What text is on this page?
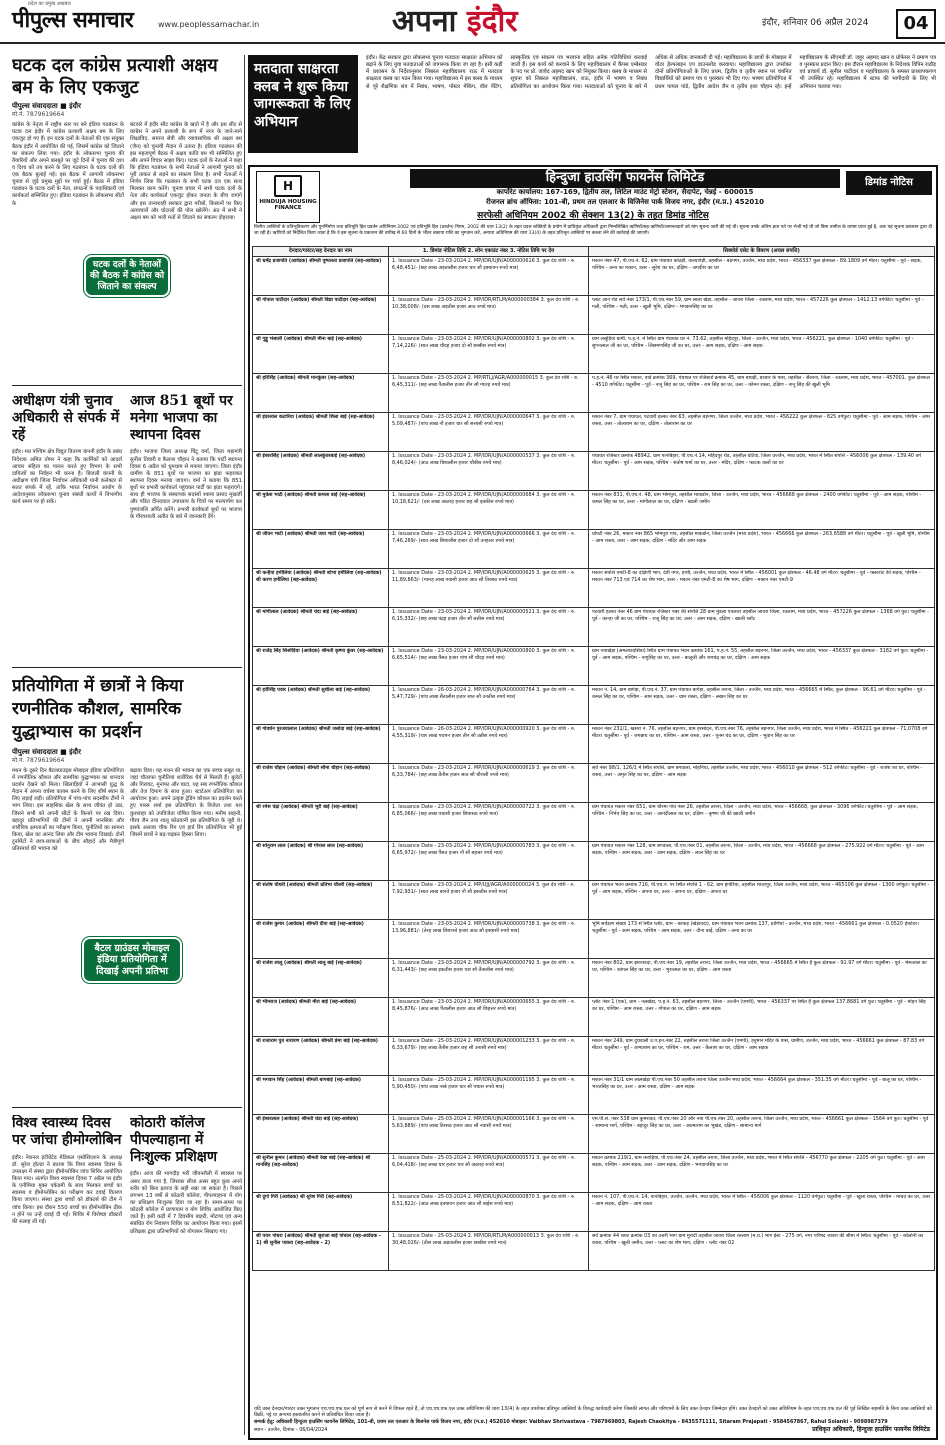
प्रदेश का प्रमुख अखबार
पीपुल्स समाचार	www.peoplessamachar.in	अपना इंदौर	इंदौर, शनिवार 06 अप्रैल 2024	04
घटक दल कांग्रेस प्रत्याशी अक्षय बम के लिए एकजुट
पीपुल्स संवाददाता ■ इंदौर
मो.नं. 7879619664
कांग्रेस के नेतृत्व में राष्ट्रीय स्तर पर बने इंडिया गठबंधन के घटक दल इंदौर में कांग्रेस प्रत्याशी अक्षय बम के लिए एकजुट हो गए हैं। इन घटक दलों के नेताओं की एक संयुक्त बैठक इंदौर में आयोजित की गई, जिसमें कांग्रेस को जिताने का संकल्प लिया गया। इंदौर के लोकसभा चुनाव की तैयारियों और अपने बलबूते पर जुटे दिनों में चुनाव की दशा व दिशा को तय करने के लिए गठबंधन के घटक दलों की एक बैठक बुलाई गई। इस बैठक में आगामी लोकसभा चुनाव से जुड़े प्रमुख मुद्दों पर चर्चा हुई। बैठक में इंडिया गठबंधन के घटक दलों के नेता, संगठनों के पदाधिकारी एवं कार्यकर्ता सम्मिलित हुए। इंडिया गठबंधन के लोकसभा सीटों के
बंटवारे में इंदौर सीट कांग्रेस के खाते में है और इस सीट से कांग्रेस ने अपने प्रत्याशी के रूप में नगर के जाने-माने शिक्षाविद, समाज सेवी और व्यावसायिक श्री अक्षय बम (जैन) को चुनावी मैदान में उतारा है। इंडिया गठबंधन की इस महत्वपूर्ण बैठक में अक्षय कांति बम भी सम्मिलित हुए और अपने विचार साझा किए। घटक दलों के नेताओं ने कहा कि इंडिया गठबंधन के सभी नेताओं ने आगामी चुनाव को पूरी ताकत से लड़ने का संकल्प लिया है। सभी नेताओं ने निर्णय लिया कि गठबंधन के सभी घटक दल एक साथ मिलकर काम करेंगे। चुनाव प्रचार में सभी घटक दलों के नेता और कार्यकर्ता एकजुट होकर जनता के बीच जाएंगे और इस तानाशाही सरकार द्वारा गरीबों, किसानों पर किए अत्याचारों और घोटालों की पोल खोलेंगे। अंत में सभी ने अक्षय बम को भारी मतों से जिताने का संकल्प दोहराया।
घटक दलों के नेताओं की बैठक में कांग्रेस को जिताने का संकल्प
अधीक्षण यंत्री चुनाव अधिकारी से संपर्क में रहें
इंदौर। मप्र पश्चिम क्षेत्र विद्युत वितरण कंपनी इंदौर के प्रबंध निदेशक अमित तोमर ने कहा कि कार्मिकों को आदर्श आचार संहिता का पालन करते हुए विभाग के सभी दायित्वों का निर्वहन भी करना है। बिजली कंपनी के अधीक्षण यंत्री जिला निर्वाचन अधिकारी यानी कलेक्टर से सतत संपर्क में रहें, ताकि भारत निर्वाचन आयोग के आदेशानुसार लोकसभा चुनाव संबंधी कार्यों में विभागीय कार्य समय पर हो सकें।
आज 851 बूथों पर मनेगा भाजपा का स्थापना दिवस
इंदौर। भाजपा जिला अध्यक्ष चिंटू वर्मा, जिला महामंत्री सुनील तिवारी व कैलाश चौहान ने बताया कि पार्टी स्थापना दिवस 6 अप्रैल को धूमधाम से मनाया जाएगा। जिला इंदौर ग्रामीण के 851 बूथों पर भाजपा का झंडा फहराकर स्थापना दिवस मनाया जाएगा। वर्मा ने बताया कि 851 बूथों पर प्रभारी कार्यकर्ता पहुंचकर पार्टी का झंडा फहराएंगे। साथ ही भाजपा के संस्थापक सदस्यों श्यामा प्रसाद मुखर्जी और पंडित दीनदयाल उपाध्याय के चित्रों पर माल्यार्पण कर पुष्पांजलि अर्पित करेंगे। प्रभारी कार्यकर्ता बूथों पर भाजपा के गौरवशाली अतीत के बारे में जानकारी देंगे।
प्रतियोगिता में छात्रों ने किया रणनीतिक कौशल, सामरिक युद्धाभ्यास का प्रदर्शन
पीपुल्स संवाददाता ■ इंदौर
मो.नं. 7879619664
मंथन के दूसरे दिन बैटलग्राउंड्स मोबाइल इंडिया प्रतियोगिता में रणनीतिक कौशल और सामरिक युद्धाभ्यास का शानदार प्रदर्शन देखने को मिला। खिलाड़ियों ने आभासी युद्ध के मैदान में अपना वर्चस्व कायम करने के लिए शीर्ष स्थान के लिए लड़ाई लड़ी। प्रतियोगिता में पांच-पांच सदस्यीय टीमों ने भाग लिया। इस साहसिक खेल के साथ जीवंत हो उठा, जिसने सभी को अपनी सीटों के किनारे पर रख दिया। बहादुर प्रतिभागियों की टीमों ने अपनी मानसिक और शारीरिक क्षमताओं का परीक्षण किया, चुनौतियों का सामना किया, खेल का आनंद लिया और टीम भावना दिखाई। दोनों टूर्नामेंटों ने छात्र-छात्राओं के बीच सौहार्द और मैत्रीपूर्ण प्रतिस्पर्धा की भावना को
बढ़ावा दिया। यह मंथन की भावना का एक सच्चा सबूत था, जहां चौतरफा चुनौतियां शारीरिक धैर्य से मिलती हैं। बुलेटों और गिरावट, मुनाफा और घाटा, यह सब रणनीतिक कौशल और तेज दिमाग के साथ हुआ। स्टार्टअप प्रतियोगिता का आयोजन हुआ। अपने उत्कृष्ट ट्रेडिंग कौशल का प्रदर्शन करते हुए पारस शर्मा इस प्रतियोगिता के विजेता तथा यश कुशवाहा को उपविजेता घोषित किया गया। मनीष साहनी, गौरव जैन तथा शालू कोठवानी इस प्रतियोगिता के जूरी थे। इसके अलावा चौक रिंग एवं हार्ड रिंग प्रतियोगिता भी हुई जिसमें छात्रों ने बढ़-चढ़कर हिस्सा लिया।
बैटल ग्राउंडस मोबाइल इंडिया प्रतियोगिता में दिखाई अपनी प्रतिभा
विश्व स्वास्थ्य दिवस पर जांचा हीमोग्लोबिन
इंदौर। नेशनल इंटीग्रेटेड मेडिकल एसोसिएशन के अध्यक्ष डॉ. सुरेश होल्डा ने बताया कि विश्व स्वास्थ्य दिवस के उपलक्ष्य में संस्था द्वारा हीमोग्लोबिन जांच शिविर आयोजित किया गया। अंतर्गत विश्व स्वास्थ्य दिवस 7 अप्रैल पर इंदौर के एनीमिया मुक्त एकेडमी के साथ मिलकर बच्चों का स्वास्थ्य व हीमोग्लोबिन का परीक्षण कर दवाई वितरण किया जाएगा। संस्था द्वारा बच्चों को डॉक्टर्स की टीम ने जांच किया। इस दौरान 550 बच्चों का हीमोग्लोबिन ठीक न होने पर उन्हें दवाई दी गई। शिविर में विशेषज्ञ डॉक्टरों की सलाह ली गई।
कोठारी कॉलेज पीपल्याहाना में निःशुल्क प्रशिक्षण
इंदौर। आज की भागदौड़ भरी जीवनशैली में स्वास्थ्य पर असर डाला गया है, जिसका सीधा असर बहुत कुछ अपने शरीर को बिना इलाज के सही रखा जा सकता है। पिछले लगभग 13 वर्षों से कोठारी कॉलेज, पीपल्याहाना में योग का प्रशिक्षण निःशुल्क दिया जा रहा है। समय-समय पर कोठारी कॉलेज में प्राणायाम व योग शिविर आयोजित किए जाते हैं। इसी कड़ी में 7 दिवसीय बाहरी, मोटापा एवं अन्य संबंधित रोग निवारण शिविर का आयोजन किया गया। इसमें प्रशिक्षक द्वारा प्रतिभागियों को योगासन सिखाए गए।
मतदाता साक्षरता क्लब ने शुरू किया जागरूकता के लिए अभियान
इंदौर। केंद्र सरकार द्वारा लोकसभा चुनाव मतदाता साक्षरता अभियान को बढ़ाने के लिए युवा मतदाताओं को जागरूक किया जा रहा है। इसी कड़ी में प्रशासन के निर्देशानुसार लिबरल महाविद्यालय राऊ में मतदाता साक्षरता क्लब का गठन किया गया। महाविद्यालय में इस क्लब के माध्यम से पूरे शैक्षणिक सत्र में निबंध, भाषण, पोस्टर मेकिंग, वॉल पेंटिंग, सांस्कृतिक एवं संकल्प पत्र भरवाना सहित अनेक गतिविधियां करवाई जाती हैं। इस कार्य को करवाने के लिए महाविद्यालय में कैंपस एम्बेसडर के पद पर प्रो. जावेद अहमद खान को नियुक्त किया। क्लब के माध्यम से सूचना को लिबरल महाविद्यालय, राऊ, इंदौर में भाषण व निबंध प्रतियोगिता का आयोजन किया गया। मतदाताओं को चुनाव के बारे में अधिक से अधिक जानकारी दी गई। महाविद्यालय के छात्रों के मोबाइल में वोटर हेल्पलाइन एप डाउनलोड करवाया। महाविद्यालय द्वारा उपरोक्त दोनों प्रतियोगिताओं के लिए प्रथम, द्वितीय व तृतीय स्थान पर चयनित विद्यार्थियों को प्रमाण पत्र व पुरस्कार भी दिए गए। भाषण प्रतियोगिता में प्रथम पायल पांडे, द्वितीय आदेश जैन व तृतीय इशा चौहान रहे। इन्हें महाविद्यालय के सीएमडी डॉ. जहूर अहमद खान व प्रोफेसर ने प्रमाण पत्र व पुरस्कार प्रदान किए। इस दौरान महाविद्यालय के निदेशक विपिन राठौड़ एवं प्राचार्य डॉ. सुनील पाटीदार व महाविद्यालय के समस्त प्राध्यापकगण भी उपस्थित रहे। महाविद्यालय में स्टाफ की भागीदारी के लिए भी अभियान चलाया गया।
H
HINDUJA HOUSING FINANCE
हिन्दुजा हाउसिंग फायनेंस लिमिटेड
कार्पोरेट कार्यालय: 167-169, द्वितीय तल, लिटिल माउंट मेट्रो स्टेशन, सैदापेट, चेन्नई - 600015
रीजनल ब्रांच ऑफिस: 101-बी, प्रथम तल एलआर के विजिनेस पार्क विजय नगर, इंदौर (म.प्र.) 452010
डिमांड नोटिस
सरफेसी अधिनियम 2002 की सेक्शन 13(2) के तहत डिमांड नोटिस
वित्तीय आस्तियों के प्रतिभूतिकरण और पुनर्निर्माण तथा प्रतिभूति हित प्रवर्तन अधिनियम 2002 एवं प्रतिभूति हित (प्रवर्तन) नियम, 2002 की धारा 13(2) के तहत प्रदत्त शक्तियों के प्रयोग में प्राधिकृत अधिकारी द्वारा निम्नलिखित ऋणियों/सह-ऋणियों/जमानतदारों को मांग सूचना जारी की गई थी। सूचना उनके अंतिम ज्ञात पते पर भेजी गई थी जो बिना तामील के वापस प्राप्त हुई है, अतः यह सूचना प्रकाशन द्वारा दी जा रही है। ऋणियों को निर्देशित किया जाता है कि वे इस सूचना के प्रकाशन की तारीख से 60 दिनों के भीतर बकाया राशि का भुगतान करें, अन्यथा अधिनियम की धारा 13(4) के तहत प्रतिभूत आस्तियों पर कब्जा लेने की कार्रवाई की जाएगी।
देनदार/गारंटर/सह देनदार का नाम	1. डिमांड नोटिस तिथि 2. लोन एकाउंट नंबर 3. नोटिस तिथि पर देय	सिक्योर्ड एसेट के विवरण (अचल संपत्ति)

श्री धर्मेंद्र प्रजापति (आवेदक) श्रीमती पुष्पलता प्रजापति (सह-आवेदक)	1. Issuance Date - 23-03-2024 2. MP/IDR/UJN/A000000616 3. कुल देय राशि - रु. 6,48,451/- (छह लाख अड़तालीस हजार चार सौ इक्यावन रुपये मात्र)	मकान नंबर 47, पी.एच.नं. 62, ग्राम पंचायत कोठड़ी, वाल्यापेड़ी, तहसील - बड़नगर, उज्जैन, मध्य प्रदेश, भारत - 456337 कुल क्षेत्रफल - 89.1809 वर्ग मीटर। चतुर्सीमा - पूर्व - सड़क, पश्चिम - अन्य का मकान, उत्तर - सुरेश का घर, दक्षिण - जगदीश का घर

श्री गोपाल पाटीदार (आवेदक) श्रीमती विद्या पाटीदार (सह-आवेदक)	1. Issuance Date - 23-03-2024 2. MP/IDR/RTLM/A000000384 3. कुल देय राशि - रु. 10,38,008/- (दस लाख अड़तीस हजार आठ रुपये मात्र)	प्लाट आन रोड सर्वे नंबर 173/1, पी.एच.नंबर 59, ग्राम लाला खेड़ा, तहसील - जावरा जिला - रतलाम, मध्य प्रदेश, भारत - 457226 कुल क्षेत्रफल - 1412.13 वर्गफीट। चतुर्सीमा - पूर्व - गली, पश्चिम - गली, उत्तर - खुली भूमि, दक्षिण - भगवानसिंह का घर

श्री गुड्डू भंसाली (आवेदक) श्रीमती मीना बाई (सह-आवेदक)	1. Issuance Date - 23-03-2024 2. MP/IDR/UJN/A000000802 3. कुल देय राशि - रु. 7,14,226/- (सात लाख चौदह हजार दो सौ छब्बीस रुपये मात्र)	ग्राम लसूड़िया ग्रामी, प.ह.नं. में स्थित ग्राम पंचायत घर नं. 73.62, तहसील महिदपुर, जिला - उज्जैन, मध्य प्रदेश, भारत - 456221, कुल क्षेत्रफल - 1040 वर्गफीट। चतुर्सीमा - पूर्व - सुगनलाल जी का घर, पश्चिम - लिछमणसिंह जी का घर, उत्तर - आम सड़क, दक्षिण - आम सड़क

श्री हरिसिंह (आवेदक) श्रीमती मानकुंवर (सह-आवेदक)	1. Issuance Date - 23-03-2024 2. MP/RTLJ/AGR/A000000015 3. कुल देय राशि - रु. 6,45,311/- (छह लाख पैंतालीस हजार तीन सौ ग्यारह रुपये मात्र)	प.ह.नं. 46 पर स्थित मकान, वार्ड क्रमांक 369, पंचायत पर रजिस्टर्ड क्रमांक 45, ग्राम बायड़ी, बाजार के पास, तहसील - सैलाना, जिला - रतलाम, मध्य प्रदेश, भारत - 457001, कुल क्षेत्रफल - 4510 वर्गफीट। चतुर्सीमा - पूर्व - नानू सिंह का घर, पश्चिम - राम सिंह का घर, उत्तर - कॉमन रास्ता, दक्षिण - नानू सिंह की खुली भूमि

श्री इंदरलाल कटारिया (आवेदक) श्रीमती शिला बाई (सह-आवेदक)	1. Issuance Date - 23-03-2024 2. MP/IDR/UJN/A000000647 3. कुल देय राशि - रु. 5,09,487/- (पांच लाख नौ हजार चार सौ सत्तासी रुपये मात्र)	मकान नंबर 7, ग्राम पंचायत, पटवारी हल्का नंबर 63, तहसील बड़नगर, जिला उज्जैन, मध्य प्रदेश, भारत - 456222 कुल क्षेत्रफल - 825 वर्गफुट। चतुर्सीमा - पूर्व - आम सड़क, पश्चिम - आम रास्ता, उत्तर - तोलाराम का घर, दक्षिण - तोलाराम का घर

श्री ईश्वरसिंह (आवेदक) श्रीमती लालकुंवरबाई (सह-आवेदक)	1. Issuance Date - 23-03-2024 2. MP/IDR/UJN/A000000537 3. कुल देय राशि - रु. 8,46,024/- (आठ लाख छियालीस हजार चौबीस रुपये मात्र)	पंचायत रजिस्टर क्रमांक 48942, ग्राम पानबिहार, पी.एच.नं.14, महिदपुर रोड, तहसील घटिया, जिला उज्जैन, मध्य प्रदेश, भारत में स्थित संपत्ति - 456006 कुल क्षेत्रफल - 139.40 वर्ग मीटर। चतुर्सीमा - पूर्व - आम सड़क, पश्चिम - संतोष शर्मा का घर, उत्तर - मंदिर, दक्षिण - फाटक वालों का घर

श्री मुकेश भाटी (आवेदक) श्रीमती कमला बाई (सह-आवेदक)	1. Issuance Date - 23-03-2024 2. MP/IDR/UJN/A000000684 3. कुल देय राशि - रु. 10,18,621/- (दस लाख अठारह हजार छह सौ इक्कीस रुपये मात्र)	मकान नंबर 831, पी.एच.नं. 48, ग्राम भोमपुरा, तहसील माकडोन, जिला - उज्जैन, मध्य प्रदेश, भारत - 456668 कुल क्षेत्रफल - 2400 वर्गफीट। चतुर्सीमा - पूर्व - आम सड़क, पश्चिम - कमल सिंह का घर, उत्तर - मांगीलाल का घर, दक्षिण - खाली जमीन

श्री जीवन भाटी (आवेदक) श्रीमती जया भाटी (सह-आवेदक)	1. Issuance Date - 23-03-2024 2. MP/IDR/UJN/A000000666 3. कुल देय राशि - रु. 7,46,269/- (सात लाख छियालीस हजार दो सौ उनहत्तर रुपये मात्र)	प्रोपर्टी नंबर 26, मकान नंबर 865 भोमपुरा गांव, तहसील माकडोन, जिला उज्जैन (मध्य प्रदेश), भारत - 456666 कुल क्षेत्रफल - 263.6588 वर्ग मीटर। चतुर्सीमा - पूर्व - खुली भूमि, पश्चिम - आम रास्ता, उत्तर - आम सड़क, दक्षिण - मंदिर और आम सड़क

श्री कन्हैया हमीलिया (आवेदक) श्रीमती शोभा हमीलिया (सह-आवेदक) श्री करण हमीलिया (सह-आवेदक)	1. Issuance Date - 23-03-2024 2. MP/IDR/UJN/A000000625 3. कुल देय राशि - रु. 11,89,863/- (ग्यारह लाख नवासी हजार आठ सौ तिरसठ रुपये मात्र)	मकान संपत्ति एमटी-8 का दक्षिणी भाग, देवी नगर, हाथी, उज्जैन, मध्य प्रदेश, भारत में स्थित - 456001 कुल क्षेत्रफल - 46.48 वर्ग मीटर। चतुर्सीमा - पूर्व - फ्लटरांट की सड़क, पश्चिम - मकान नंबर 713 एवं 714 का शेष भाग, उत्तर - मकान नंबर एमटी-8 का शेष भाग, दक्षिण - मकान नंबर एमटी-9

श्री मांगीलाल (आवेदक) श्रीमती चंदा बाई (सह-आवेदक)	1. Issuance Date - 23-03-2024 2. MP/IDR/UJN/A000000521 3. कुल देय राशि - रु. 6,15,332/- (छह लाख पंद्रह हजार तीन सौ बत्तीस रुपये मात्र)	पटवारी हल्का नंबर 46 ग्राम पंचायत रजिस्टर नंबर की संपत्ति 28 ग्राम मुंडला एवलारा तहसील जावरा जिला, रतलाम, मध्य प्रदेश, भारत - 457226 कुल क्षेत्रफल - 1368 वर्ग फुट। चतुर्सीमा - पूर्व - कान्हा जी का घर, पश्चिम - राजू सिंह का घर, उत्तर - आम सड़क, दक्षिण - खाली प्लॉट

श्री राजेंद्र सिंह सिसोदिया (आवेदक) श्रीमती कृष्णा कुंवर (सह-आवेदक)	1. Issuance Date - 23-03-2024 2. MP/IDR/UJN/A000000800 3. कुल देय राशि - रु. 6,65,514/- (छह लाख पैंसठ हजार पांच सौ चौदह रुपये मात्र)	ग्राम नयाखेड़ा (अमलावदसिवा) स्थित ग्राम पंचायत भवन क्रमांक 161, प.ह.नं. 55, तहसील बड़नगर, जिला उज्जैन, मध्य प्रदेश, भारत - 456337 कुल क्षेत्रफल - 3182 वर्ग फुट। चतुर्सीमा - पूर्व - आम सड़क, पश्चिम - नागुसिंह का घर, उत्तर - बालूजी और रामचंद्र का घर, दक्षिण - आम सड़क

श्री हरीसिंह पवार (आवेदक) श्रीमती सुशीला बाई (सह-आवेदक)	1. Issuance Date - 26-03-2024 2. MP/IDR/UJN/A000000764 3. कुल देय राशि - रु. 5,47,729/- (पांच लाख सैंतालीस हजार सात सौ उनतीस रुपये मात्र)	मकान नं. 14, ग्राम बागेड़ा, पी.एच.नं. 37, ग्राम पंचायत बागेड़ा, तहसील तराना, जिला - उज्जैन, मध्य प्रदेश, भारत - 456665 में स्थित, कुल क्षेत्रफल - 96.61 वर्ग मीटर। चतुर्सीमा - पूर्व - कमल सिंह का घर, पश्चिम - आम सड़क, उत्तर - ग्राम रास्ता, दक्षिण - लखन सिंह का घर

श्री गोवर्धन पुरजवालाल (आवेदक) श्रीमती जसोदा बाई (सह-आवेदक)	1. Issuance Date - 26-03-2024 2. MP/IDR/UJN/A000000920 3. कुल देय राशि - रु. 4,55,319/- (चार लाख पचपन हजार तीन सौ उन्नीस रुपये मात्र)	मकान नंबर 231/1, खसरा नं. 76, तहसील बड़नगर, ग्राम हरसोदन, पी.एच.नंबर 76, तहसील बड़नगर, जिला उज्जैन, मध्य प्रदेश, भारत में स्थित - 456221 कुल क्षेत्रफल - 71.0708 वर्ग मीटर। चतुर्सीमा - पूर्व - जगन्नाथ का घर, पश्चिम - आम रास्ता, उत्तर - पूनम चंद का घर, दक्षिण - भुवान सिंह का घर

श्री राजेश चौहान (आवेदक) श्रीमती सीमा चौहान (सह-आवेदक)	1. Issuance Date - 23-03-2024 2. MP/IDR/UJN/A000000619 3. कुल देय राशि - रु. 6,33,784/- (छह लाख तैंतीस हजार सात सौ चौरासी रुपये मात्र)	सर्वे नंबर 98/1, 126/1 में स्थित संपत्ति, ग्राम बगवाला, मोहनिया, तहसील उज्जैन, मध्य प्रदेश, भारत - 456010 कुल क्षेत्रफल - 512 वर्गफीट। चतुर्सीमा - पूर्व - राजेश का घर, पश्चिम - रास्ता, उत्तर - अमृत सिंह का घर, दक्षिण - आम सड़क

श्री रमेश चंद्रा (आवेदक) श्रीमती भूरी बाई (सह-आवेदक)	1. Issuance Date - 23-03-2024 2. MP/IDR/UJN/A000000722 3. कुल देय राशि - रु. 6,85,066/- (छह लाख पचासी हजार छियासठ रुपये मात्र)	ग्राम पंचायत मकान नंबर 651, ग्राम चौरमा गांव नंबर 26, तहसील तराना, जिला - उज्जैन, मध्य प्रदेश, भारत - 456668, कुल क्षेत्रफल - 3096 वर्गफीट। चतुर्सीमा - पूर्व - आम सड़क, पश्चिम - निर्भय सिंह का घर, उत्तर - आनंदीलाल का घर, दक्षिण - कृष्णा जी की खाली जमीन

श्री सोनुराम लाल (आवेदक) श्री गोपाल लाल (सह-आवेदक)	1. Issuance Date - 23-03-2024 2. MP/IDR/UJN/A000000783 3. कुल देय राशि - रु. 6,65,972/- (छह लाख पैंसठ हजार नौ सौ बहत्तर रुपये मात्र)	ग्राम पंचायत मकान नंबर 128, ग्राम बगवाला, पी.एच.नंबर 01, तहसील तराना, जिला - उज्जैन, मध्य प्रदेश, भारत - 456668 कुल क्षेत्रफल - 275.922 वर्ग मीटर। चतुर्सीमा - पूर्व - आम सड़क, पश्चिम - आम सड़क, उत्तर - आम सड़क, दक्षिण - लाल सिंह का घर

श्री संतोष चौधरी (आवेदक) श्रीमती प्रतिभा चौधरी (सह-आवेदक)	1. Issuance Date - 23-03-2024 2. MP/UJJ/AGR/A000000024 3. कुल देय राशि - रु. 7,92,931/- (सात लाख बानवे हजार नौ सौ इकतीस रुपये मात्र)	ग्राम पंचायत भवन क्रमांक 716, पी.एच.नं. पर स्थित संपत्ति 1 - 62, ग्राम इंगोरिया, तहसील शाजापुर, जिला उज्जैन, मध्य प्रदेश, भारत - 465106 कुल क्षेत्रफल - 1300 वर्गफुट। चतुर्सीमा - पूर्व - आम सड़क, पश्चिम - अपना घर, उत्तर - अपना घर, दक्षिण - अपना घर

श्री राजेश कुमार (आवेदक) श्रीमती दीपा बाई (सह-आवेदक)	1. Issuance Date - 23-03-2024 2. MP/IDR/UJN/A000000738 3. कुल देय राशि - रु. 13,96,881/- (तेरह लाख छियानबे हजार आठ सौ इक्यासी रुपये मात्र)	भूमि सर्वेक्षण संख्या 173 से स्थित प्लॉट, ग्राम - कांकड़ (खेड़ावदा), ग्राम पंचायत भवन क्रमांक 137, प्राणियां - उज्जैन, मध्य प्रदेश, भारत - 456661 कुल क्षेत्रफल - 0.0520 हेक्टेयर। चतुर्सीमा - पूर्व - आम सड़क, पश्चिम - आम सड़क, उत्तर - दीना बाई, दक्षिण - अन्य का घर

श्री राजेश लालू (आवेदक) श्रीमती लालू बाई (सह-आवेदक)	1. Issuance Date - 23-03-2024 2. MP/IDR/UJN/A000000792 3. कुल देय राशि - रु. 6,31,443/- (छह लाख इकतीस हजार चार सौ तैंतालीस रुपये मात्र)	मकान नंबर 802, ग्राम झरनावदा, पी.एच.नंबर 19, तहसील तराना, जिला उज्जैन, मध्य प्रदेश, भारत - 456665 में स्थित है कुल क्षेत्रफल - 91.97 वर्ग मीटर। चतुर्सीमा - पूर्व - भेरूलाल का घर, पश्चिम - कांगल सिंह का घर, उत्तर - भुरालाल का घर, दक्षिण - आम रास्ता

श्री भीमराज (आवेदक) श्रीमती मीरा बाई (सह-आवेदक)	1. Issuance Date - 23-03-2024 2. MP/IDR/UJN/A000000655 3. कुल देय राशि - रु. 8,45,876/- (आठ लाख पैंतालीस हजार आठ सौ छिहत्तर रुपये मात्र)	प्लॉट नंबर 1 (एक), ग्राम - नलखेड़ा, प.ह.नं. 63, तहसील बड़नगर, जिला - उज्जैन (एमपी), भारत - 456337 पर स्थित है कुल क्षेत्रफल 137.8681 वर्ग फुट। चतुर्सीमा - पूर्व - मोहन सिंह का घर, पश्चिम - आम रास्ता, उत्तर - गोपाल का घर, दक्षिण - आम सड़क

श्री राजाराम पुत्र नारायण (आवेदक) श्रीमती प्रेमा बाई (सह-आवेदक)	1. Issuance Date - 25-03-2024 2. MP/IDR/UJN/A000001233 3. कुल देय राशि - रु. 6,33,679/- (छह लाख तैंतीस हजार छह सौ उनासी रुपये मात्र)	मकान नंबर 249, ग्राम दुधवाली उ.प.हन.नंबर 22, तहसील तराना जिला उज्जैन (एमपी), हनुमान मंदिर के पास, ग्रामीण, उज्जैन, मध्य प्रदेश, भारत - 456661 कुल क्षेत्रफल - 87.83 वर्ग मीटर। चतुर्सीमा - पूर्व - अभ्याराम का घर, पश्चिम - राम, उत्तर - कैलाश का घर, दक्षिण - आम सड़क

श्री भगवान सिंह (आवेदक) श्रीमती बागबाई (सह-आवेदक)	1. Issuance Date - 25-03-2024 2. MP/IDR/UJN/A000001195 3. कुल देय राशि - रु. 5,90,450/- (पांच लाख नब्बे हजार चार सौ पचास रुपये मात्र)	मकान नंबर 31/1 ग्राम लालखेड़ा पी.एच.नंबर 50 तहसील तराना जिला उज्जैन मध्य प्रदेश, भारत - 456664 कुल क्षेत्रफल - 351.35 वर्ग मीटर। चतुर्सीमा - पूर्व - बालू का घर, पश्चिम - भारतसिंह का घर, उत्तर - आम रास्ता, दक्षिण - आम सड़क

श्री ईश्वरलाल (आवेदक) श्रीमती चंदा बाई (सह-आवेदक)	1. Issuance Date - 25-03-2024 2. MP/IDR/UJN/A000001166 3. कुल देय राशि - रु. 5,63,889/- (पांच लाख तिरसठ हजार आठ सौ नवासी रुपये मात्र)	एम.पी.सं. नंबर 538 ग्राम कुमरावत, पी.एच.नंबर 20 और नया पी.एच.नंबर 20, तहसील तराना, जिला उज्जैन, मध्य प्रदेश, भारत - 456661 कुल क्षेत्रफल - 1564 वर्ग फुट। चतुर्सीमा - पूर्व - सामान्य मार्ग, पश्चिम - बहादुर सिंह का घर, उत्तर - आत्माराम का भूखंड, दक्षिण - सामान्य मार्ग

श्री सुनील कुमार (आवेदक) श्रीमती रेखा बाई (सह-आवेदक) श्री मानसिंह (सह-आवेदक)	1. Issuance Date - 25-03-2024 2. MP/IDR/UJN/A000000571 3. कुल देय राशि - रु. 6,04,418/- (छह लाख चार हजार चार सौ अठारह रुपये मात्र)	मकान क्रमांक 219/1, ग्राम कराड़िया, पी.एच.नंबर 24, तहसील तराना, जिला उज्जैन, मध्य प्रदेश, भारत में स्थित संपत्ति - 456770 कुल क्षेत्रफल - 2205 वर्ग फुट। चतुर्सीमा - पूर्व - आम सड़क, पश्चिम - आम सड़क, उत्तर - आम सड़क, दक्षिण - भगवानसिंह का घर

श्री दुर्गा गिरी (आवेदक) श्री सुरेश गिरी (सह-आवेदक)	1. Issuance Date - 25-03-2024 2. MP/IDR/UJN/A000000870 3. कुल देय राशि - रु. 8,51,822/- (आठ लाख इक्यावन हजार आठ सौ बाईस रुपये मात्र)	मकान नं. 107, पी.एच.नं. 14, पानबिहार, उज्जैन, उज्जैन, मध्य प्रदेश, भारत में स्थित - 456006 कुल क्षेत्रफल - 1120 वर्गफुट। चतुर्सीमा - पूर्व - खुला रास्ता, पश्चिम - माधव का घर, उत्तर - आम सड़क, दक्षिण - आम रास्ता

श्री पवन गांधरा (आवेदक) श्रीमती सुराजा बाई पांचाल (सह-आवेदक - 1) श्री सुनील पाकरा (सह-आवेदक - 2)	1. Issuance Date - 25-03-2024 2. MP/IDR/RTLM/A000000013 3. कुल देय राशि - रु. 30,48,026/- (तीस लाख अड़तालीस हजार छब्बीस रुपये मात्र)	सर्वे क्रमांक 44 प्लाट क्रमांक 03 का उत्तरी भाग ग्राम मुरादी तहसील जावरा जिला रतलाम (म.प्र.) भाग ईस्ट - 275 वर्ग, नगर परिषद जावरा की सीमा में स्थित। चतुर्सीमा - पूर्व - कॉलोनी का रास्ता, पश्चिम - खुली जमीन, उत्तर - प्लाट का शेष भाग, दक्षिण - प्लॉट नंबर 02
यदि उक्त देनदार/गारंटर उक्त भुगतान एच.एच.एफ.एल को पूर्ण रूप से करने में विफल रहते हैं, तो एच.एच.एफ.एल उक्त अधिनियम की धारा 13(4) के तहत उपरोक्त प्रतिभूत आस्तियों के विरुद्ध कार्यवाही करेगा जिसकी लागत और परिणामों के लिए उक्त देनदार जिम्मेदार होंगे। उक्त देनदारों को उक्त अधिनियम के तहत एच.एच.एफ.एल की पूर्व लिखित सहमति के बिना उक्त आस्तियों को बिक्री, पट्टे या अन्यथा हस्तांतरित करने से प्रतिबंधित किया जाता है।
सम्पर्क हेतु: अधिकारी हिन्दुजा हाउसिंग फायनेंस लिमिटेड, 101-बी, प्रथम तल एलआर के बिजनेस पार्क विजय नगर, इंदौर (म.प्र.) 452010 मोबाइल: Vaibhav Shrivastava - 7987969803, Rajesh Chaokitya - 8435571111, Sitaram Prajapati - 9584567867, Rahul Solanki - 9098987379
स्थान - उज्जैन, दिनांक - 06/04/2024	प्राधिकृत अधिकारी, हिन्दुजा हाउसिंग फायनेंस लिमिटेड
